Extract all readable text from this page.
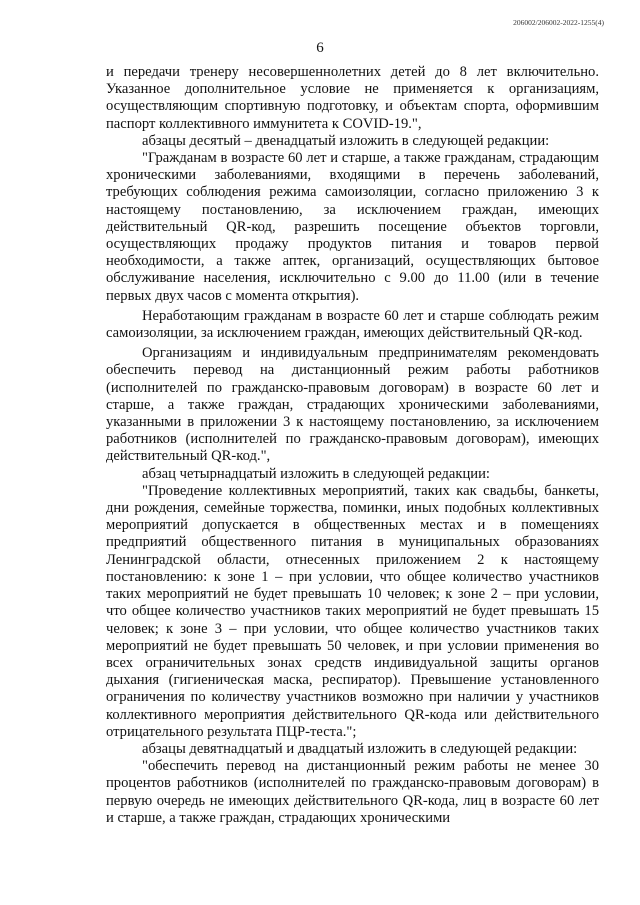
206002/206002-2022-1255(4)
6

и передачи тренеру несовершеннолетних детей до 8 лет включительно. Указанное дополнительное условие не применяется к организациям, осуществляющим спортивную подготовку, и объектам спорта, оформившим паспорт коллективного иммунитета к COVID-19.",

абзацы десятый – двенадцатый изложить в следующей редакции:

"Гражданам в возрасте 60 лет и старше, а также гражданам, страдающим хроническими заболеваниями, входящими в перечень заболеваний, требующих соблюдения режима самоизоляции, согласно приложению 3 к настоящему постановлению, за исключением граждан, имеющих действительный QR-код, разрешить посещение объектов торговли, осуществляющих продажу продуктов питания и товаров первой необходимости, а также аптек, организаций, осуществляющих бытовое обслуживание населения, исключительно с 9.00 до 11.00 (или в течение первых двух часов с момента открытия).

Неработающим гражданам в возрасте 60 лет и старше соблюдать режим самоизоляции, за исключением граждан, имеющих действительный QR-код.

Организациям и индивидуальным предпринимателям рекомендовать обеспечить перевод на дистанционный режим работы работников (исполнителей по гражданско-правовым договорам) в возрасте 60 лет и старше, а также граждан, страдающих хроническими заболеваниями, указанными в приложении 3 к настоящему постановлению, за исключением работников (исполнителей по гражданско-правовым договорам), имеющих действительный QR-код.",

абзац четырнадцатый изложить в следующей редакции:

"Проведение коллективных мероприятий, таких как свадьбы, банкеты, дни рождения, семейные торжества, поминки, иных подобных коллективных мероприятий допускается в общественных местах и в помещениях предприятий общественного питания в муниципальных образованиях Ленинградской области, отнесенных приложением 2 к настоящему постановлению: к зоне 1 – при условии, что общее количество участников таких мероприятий не будет превышать 10 человек; к зоне 2 – при условии, что общее количество участников таких мероприятий не будет превышать 15 человек; к зоне 3 – при условии, что общее количество участников таких мероприятий не будет превышать 50 человек, и при условии применения во всех ограничительных зонах средств индивидуальной защиты органов дыхания (гигиеническая маска, респиратор). Превышение установленного ограничения по количеству участников возможно при наличии у участников коллективного мероприятия действительного QR-кода или действительного отрицательного результата ПЦР-теста.";

абзацы девятнадцатый и двадцатый изложить в следующей редакции:

"обеспечить перевод на дистанционный режим работы не менее 30 процентов работников (исполнителей по гражданско-правовым договорам) в первую очередь не имеющих действительного QR-кода, лиц в возрасте 60 лет и старше, а также граждан, страдающих хроническими
